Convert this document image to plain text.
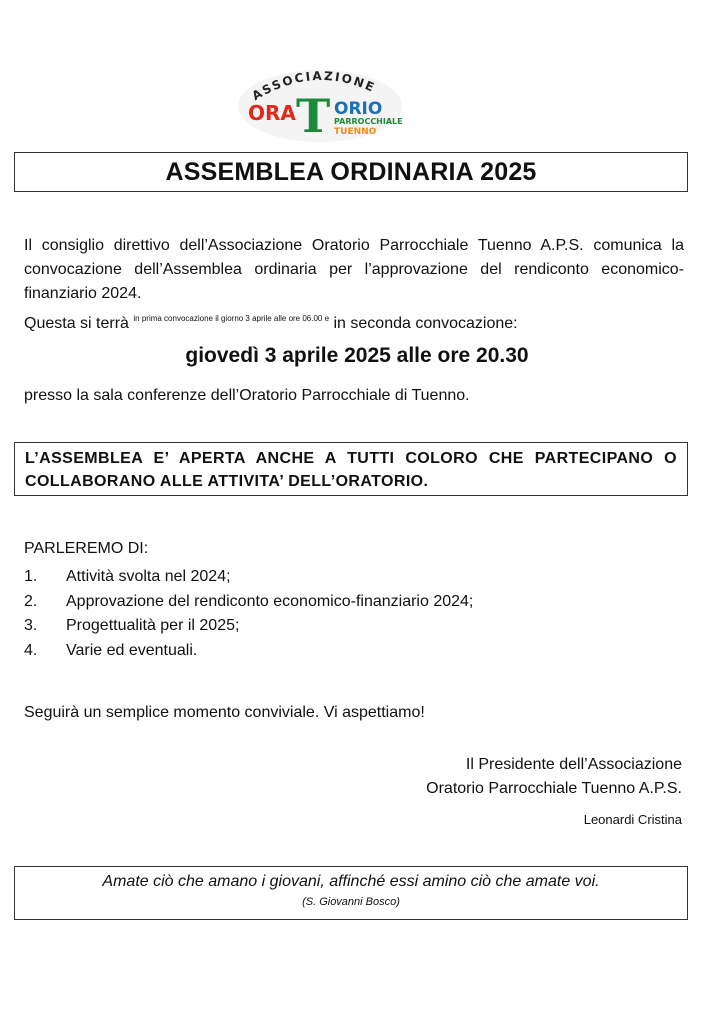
ASSOCIAZIONE
ORA T ORIO
PARROCCHIALE
TUENNO
ASSEMBLEA ORDINARIA 2025

Il consiglio direttivo dell’Associazione Oratorio Parrocchiale Tuenno A.P.S. comunica la convocazione dell’Assemblea ordinaria per l’approvazione del rendiconto economico-finanziario 2024.

Questa si terrà $^{in prima convocazione il giorno 3 aprile alle ore 06.00 e}$ in seconda convocazione:

giovedì 3 aprile 2025 alle ore 20.30

presso la sala conferenze dell’Oratorio Parrocchiale di Tuenno.

L’ASSEMBLEA E’ APERTA ANCHE A TUTTI COLORO CHE PARTECIPANO O COLLABORANO ALLE ATTIVITA’ DELL’ORATORIO.

PARLEREMO DI:

1.	Attività svolta nel 2024;
2.	Approvazione del rendiconto economico-finanziario 2024;
3.	Progettualità per il 2025;
4.	Varie ed eventuali.

Seguirà un semplice momento conviviale. Vi aspettiamo!

Il Presidente dell’Associazione

Oratorio Parrocchiale Tuenno A.P.S.

Leonardi Cristina

Amate ciò che amano i giovani, affinché essi amino ciò che amate voi.

(S. Giovanni Bosco)
